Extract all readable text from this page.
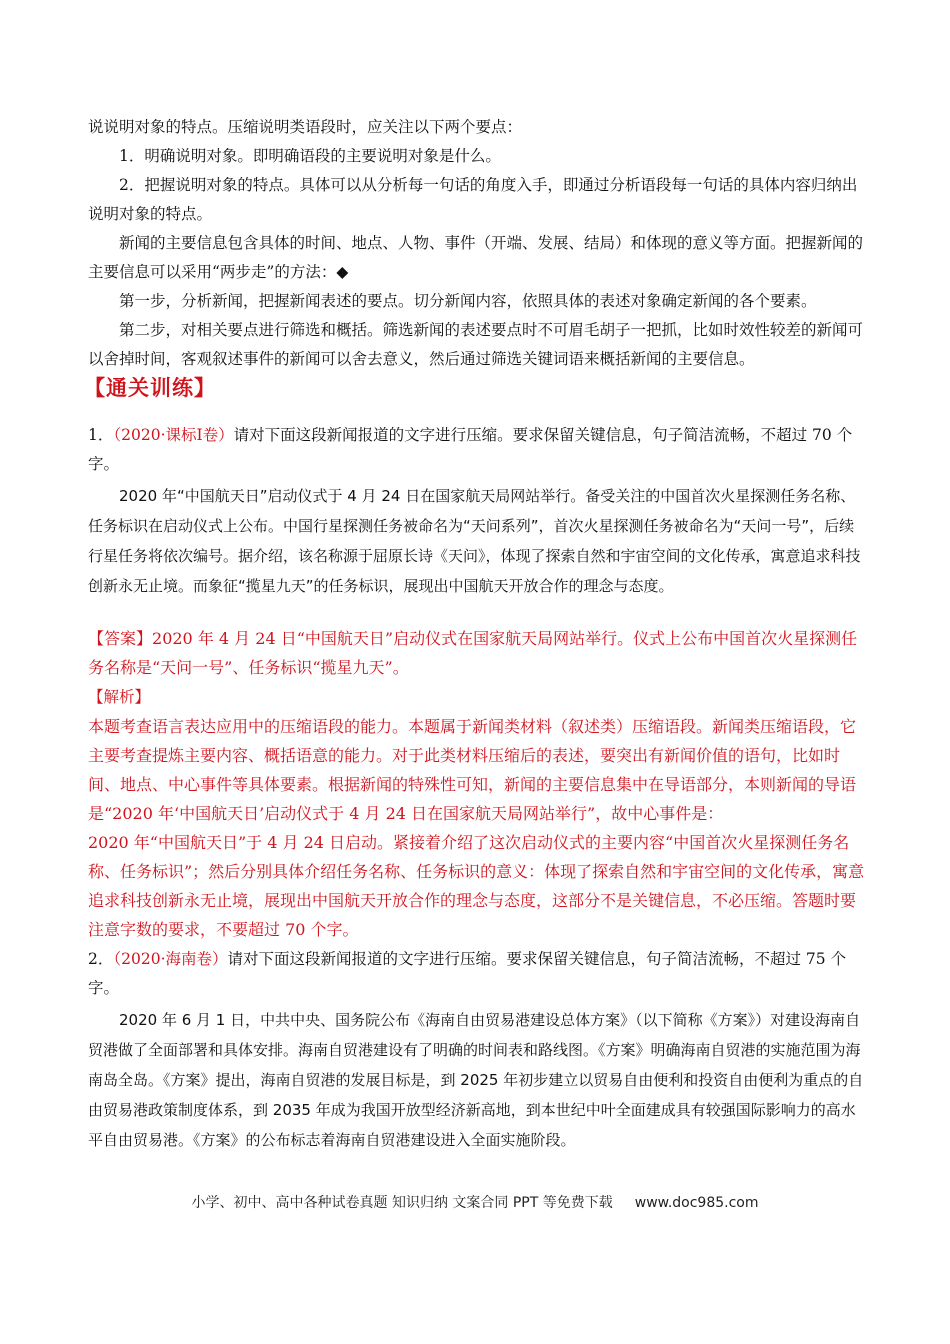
说说明对象的特点。压缩说明类语段时，应关注以下两个要点：

1．明确说明对象。即明确语段的主要说明对象是什么。

2．把握说明对象的特点。具体可以从分析每一句话的角度入手，即通过分析语段每一句话的具体内容归纳出说明对象的特点。

新闻的主要信息包含具体的时间、地点、人物、事件（开端、发展、结局）和体现的意义等方面。把握新闻的主要信息可以采用“两步走”的方法：◆

第一步，分析新闻，把握新闻表述的要点。切分新闻内容，依照具体的表述对象确定新闻的各个要素。

第二步，对相关要点进行筛选和概括。筛选新闻的表述要点时不可眉毛胡子一把抓，比如时效性较差的新闻可以舍掉时间，客观叙述事件的新闻可以舍去意义，然后通过筛选关键词语来概括新闻的主要信息。

【通关训练】

1．（2020·课标Ⅰ卷）请对下面这段新闻报道的文字进行压缩。要求保留关键信息，句子简洁流畅，不超过 70 个字。

2020 年“中国航天日”启动仪式于 4 月 24 日在国家航天局网站举行。备受关注的中国首次火星探测任务名称、任务标识在启动仪式上公布。中国行星探测任务被命名为“天问系列”，首次火星探测任务被命名为“天问一号”，后续行星任务将依次编号。据介绍，该名称源于屈原长诗《天问》，体现了探索自然和宇宙空间的文化传承，寓意追求科技创新永无止境。而象征“揽星九天”的任务标识，展现出中国航天开放合作的理念与态度。

【答案】2020 年 4 月 24 日“中国航天日”启动仪式在国家航天局网站举行。仪式上公布中国首次火星探测任务名称是“天问一号”、任务标识“揽星九天”。

【解析】

本题考查语言表达应用中的压缩语段的能力。本题属于新闻类材料（叙述类）压缩语段。新闻类压缩语段，它主要考查提炼主要内容、概括语意的能力。对于此类材料压缩后的表述，要突出有新闻价值的语句，比如时间、地点、中心事件等具体要素。根据新闻的特殊性可知，新闻的主要信息集中在导语部分，本则新闻的导语是“2020 年‘中国航天日’启动仪式于 4 月 24 日在国家航天局网站举行”，故中心事件是：

2020 年“中国航天日”于 4 月 24 日启动。紧接着介绍了这次启动仪式的主要内容“中国首次火星探测任务名称、任务标识”；然后分别具体介绍任务名称、任务标识的意义：体现了探索自然和宇宙空间的文化传承，寓意追求科技创新永无止境，展现出中国航天开放合作的理念与态度，这部分不是关键信息，不必压缩。答题时要注意字数的要求，不要超过 70 个字。

2．（2020·海南卷）请对下面这段新闻报道的文字进行压缩。要求保留关键信息，句子简洁流畅，不超过 75 个字。

2020 年 6 月 1 日，中共中央、国务院公布《海南自由贸易港建设总体方案》（以下简称《方案》）对建设海南自贸港做了全面部署和具体安排。海南自贸港建设有了明确的时间表和路线图。《方案》明确海南自贸港的实施范围为海南岛全岛。《方案》提出，海南自贸港的发展目标是，到 2025 年初步建立以贸易自由便利和投资自由便利为重点的自由贸易港政策制度体系，到 2035 年成为我国开放型经济新高地，到本世纪中叶全面建成具有较强国际影响力的高水平自由贸易港。《方案》的公布标志着海南自贸港建设进入全面实施阶段。

小学、初中、高中各种试卷真题 知识归纳 文案合同 PPT 等免费下载 www.doc985.com
